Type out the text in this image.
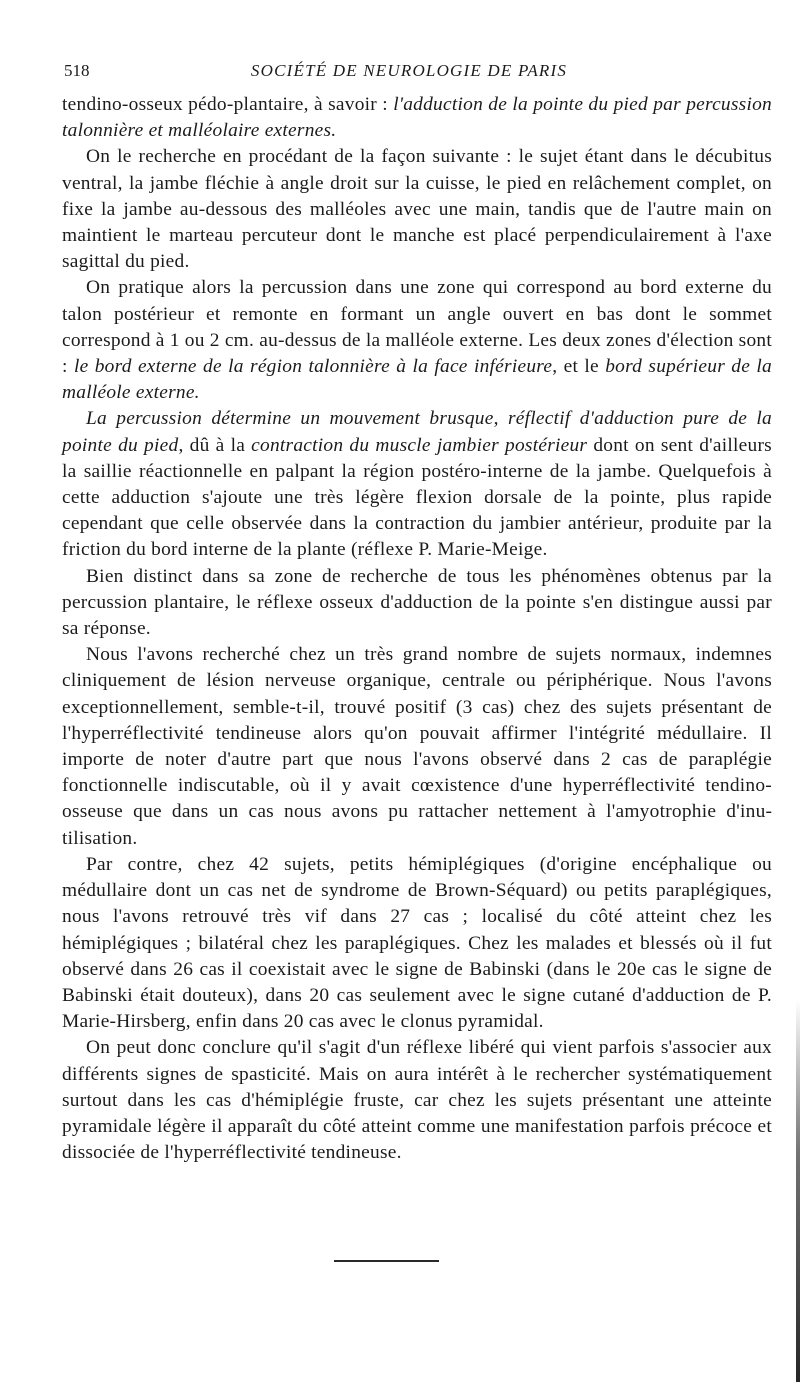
518	SOCIÉTÉ DE NEUROLOGIE DE PARIS

tendino-osseux pédo-plantaire, à savoir : l'adduction de la pointe du pied par percussion talonnière et malléolaire externes.

On le recherche en procédant de la façon suivante : le sujet étant dans le décubitus ventral, la jambe fléchie à angle droit sur la cuisse, le pied en relâchement complet, on fixe la jambe au-dessous des malléoles avec une main, tandis que de l'autre main on maintient le marteau percuteur dont le manche est placé perpendiculairement à l'axe sagittal du pied.

On pratique alors la percussion dans une zone qui correspond au bord externe du talon postérieur et remonte en formant un angle ouvert en bas dont le sommet correspond à 1 ou 2 cm. au-dessus de la malléole externe. Les deux zones d'élection sont : le bord externe de la région talonnière à la face inférieure, et le bord supérieur de la malléole externe.

La percussion détermine un mouvement brusque, réflectif d'adduction pure de la pointe du pied, dû à la contraction du muscle jambier postérieur dont on sent d'ailleurs la saillie réactionnelle en palpant la région postéro-interne de la jambe. Quelquefois à cette adduction s'ajoute une très légère flexion dorsale de la pointe, plus rapide cependant que celle observée dans la contraction du jambier antérieur, produite par la friction du bord interne de la plante (réflexe P. Marie-Meige.

Bien distinct dans sa zone de recherche de tous les phénomènes obtenus par la percussion plantaire, le réflexe osseux d'adduction de la pointe s'en distingue aussi par sa réponse.

Nous l'avons recherché chez un très grand nombre de sujets normaux, indemnes cliniquement de lésion nerveuse organique, centrale ou périphérique. Nous l'avons exceptionnellement, semble-t-il, trouvé positif (3 cas) chez des sujets présentant de l'hyperréflectivité tendineuse alors qu'on pouvait affirmer l'intégrité médullaire. Il importe de noter d'autre part que nous l'avons observé dans 2 cas de paraplégie fonctionnelle indiscutable, où il y avait cœxistence d'une hyperréflectivité tendino-osseuse que dans un cas nous avons pu rattacher nettement à l'amyotrophie d'inutilisation.

Par contre, chez 42 sujets, petits hémiplégiques (d'origine encéphalique ou médullaire dont un cas net de syndrome de Brown-Séquard) ou petits paraplégiques, nous l'avons retrouvé très vif dans 27 cas ; localisé du côté atteint chez les hémiplégiques ; bilatéral chez les paraplégiques. Chez les malades et blessés où il fut observé dans 26 cas il coexistait avec le signe de Babinski (dans le 20e cas le signe de Babinski était douteux), dans 20 cas seulement avec le signe cutané d'adduction de P. Marie-Hirsberg, enfin dans 20 cas avec le clonus pyramidal.

On peut donc conclure qu'il s'agit d'un réflexe libéré qui vient parfois s'associer aux différents signes de spasticité. Mais on aura intérêt à le rechercher systématiquement surtout dans les cas d'hémiplégie fruste, car chez les sujets présentant une atteinte pyramidale légère il apparaît du côté atteint comme une manifestation parfois précoce et dissociée de l'hyperréflectivité tendineuse.
